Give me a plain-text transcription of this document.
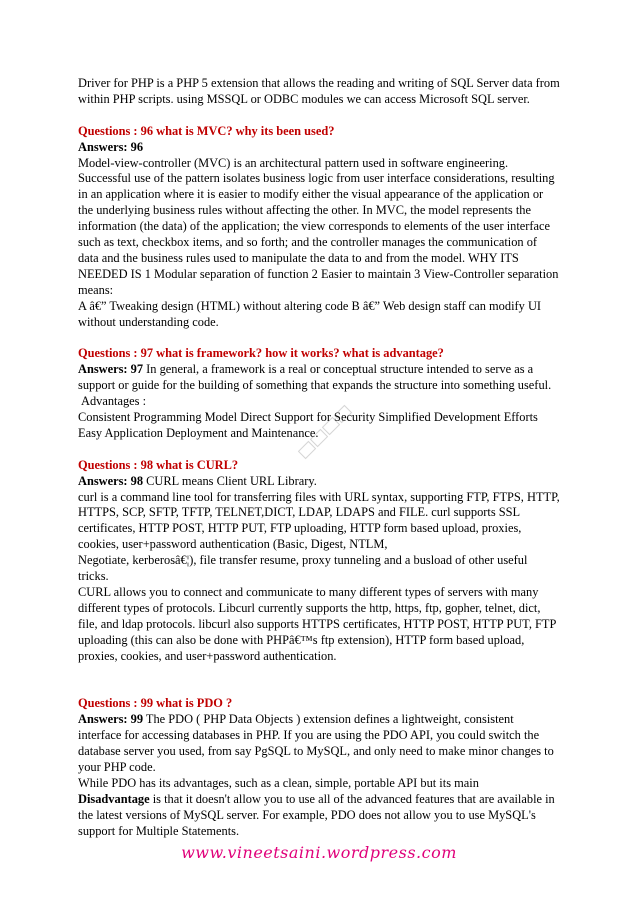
Driver for PHP is a PHP 5 extension that allows the reading and writing of SQL Server data from within PHP scripts. using MSSQL or ODBC modules we can access Microsoft SQL server.

Questions : 96 what is MVC? why its been used?

Answers: 96

Model-view-controller (MVC) is an architectural pattern used in software engineering. Successful use of the pattern isolates business logic from user interface considerations, resulting in an application where it is easier to modify either the visual appearance of the application or the underlying business rules without affecting the other. In MVC, the model represents the information (the data) of the application; the view corresponds to elements of the user interface such as text, checkbox items, and so forth; and the controller manages the communication of data and the business rules used to manipulate the data to and from the model. WHY ITS NEEDED IS 1 Modular separation of function 2 Easier to maintain 3 View-Controller separation means:

A â€” Tweaking design (HTML) without altering code B â€” Web design staff can modify UI without understanding code.

Questions : 97 what is framework? how it works? what is advantage?

Answers: 97 In general, a framework is a real or conceptual structure intended to serve as a support or guide for the building of something that expands the structure into something useful.

Advantages :

Consistent Programming Model Direct Support for Security Simplified Development Efforts Easy Application Deployment and Maintenance.

Questions : 98 what is CURL?

Answers: 98 CURL means Client URL Library.

curl is a command line tool for transferring files with URL syntax, supporting FTP, FTPS, HTTP, HTTPS, SCP, SFTP, TFTP, TELNET,DICT, LDAP, LDAPS and FILE. curl supports SSL certificates, HTTP POST, HTTP PUT, FTP uploading, HTTP form based upload, proxies, cookies, user+password authentication (Basic, Digest, NTLM,

Negotiate, kerberosâ€¦), file transfer resume, proxy tunneling and a busload of other useful tricks.

CURL allows you to connect and communicate to many different types of servers with many different types of protocols. Libcurl currently supports the http, https, ftp, gopher, telnet, dict, file, and ldap protocols. libcurl also supports HTTPS certificates, HTTP POST, HTTP PUT, FTP uploading (this can also be done with PHPâ€™s ftp extension), HTTP form based upload, proxies, cookies, and user+password authentication.

Questions : 99 what is PDO ?

Answers: 99 The PDO ( PHP Data Objects ) extension defines a lightweight, consistent interface for accessing databases in PHP. If you are using the PDO API, you could switch the database server you used, from say PgSQL to MySQL, and only need to make minor changes to your PHP code.

While PDO has its advantages, such as a clean, simple, portable API but its main

Disadvantage is that it doesn't allow you to use all of the advanced features that are available in the latest versions of MySQL server. For example, PDO does not allow you to use MySQL's support for Multiple Statements.

www.vineetsaini.wordpress.com
